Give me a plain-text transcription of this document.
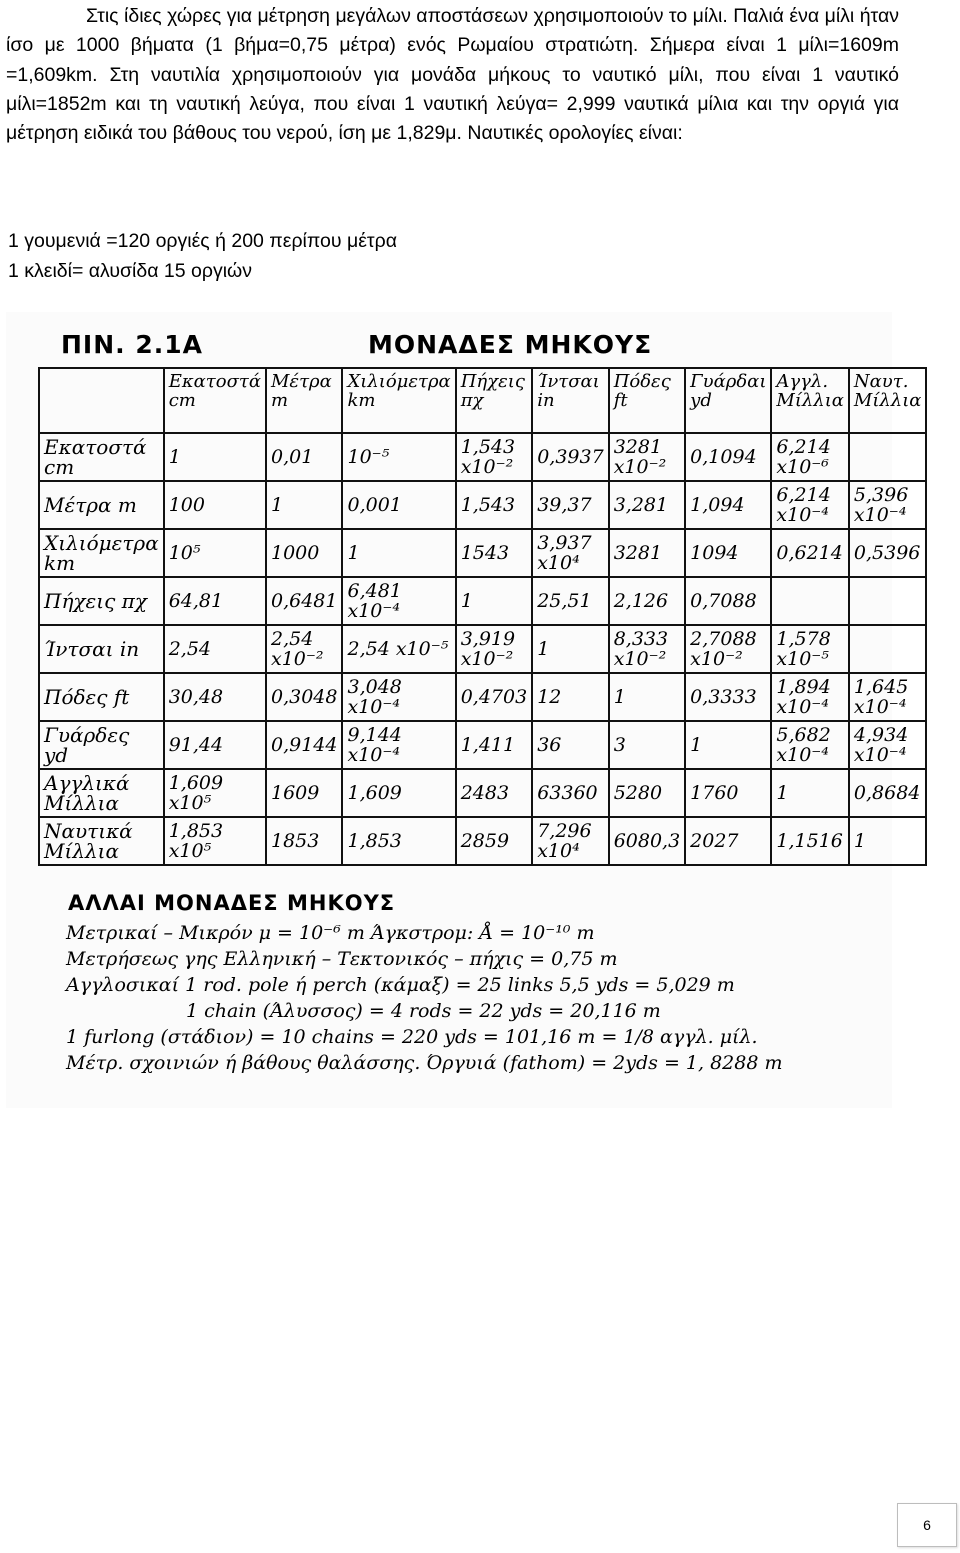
Στις ίδιες χώρες για μέτρηση μεγάλων αποστάσεων χρησιμοποιούν το μίλι. Παλιά ένα μίλι ήταν ίσο με 1000 βήματα (1 βήμα=0,75 μέτρα) ενός Ρωμαίου στρατιώτη. Σήμερα είναι 1 μίλι=1609m =1,609km. Στη ναυτιλία χρησιμοποιούν για μονάδα μήκους το ναυτικό μίλι, που είναι 1 ναυτικό μίλι=1852m και τη ναυτική λεύγα, που είναι 1 ναυτική λεύγα= 2,999 ναυτικά μίλια και την οργιά για μέτρηση ειδικά του βάθους του νερού, ίση με 1,829μ. Ναυτικές ορολογίες είναι:

1 γουμενιά =120 οργιές ή 200 περίπου μέτρα
1 κλειδί= αλυσίδα 15 οργιών
ΠΙΝ. 2.1Α	ΜΟΝΑΔΕΣ ΜΗΚΟΥΣ
	Εκατοστά cm	Μέτρα m	Χιλιόμετρα km	Πήχεις πχ	Ίντσαι in	Πόδες ft	Γυάρδαι yd	Αγγλ. Μίλλια	Ναυτ. Μίλλια
Εκατοστά cm	1	0,01	10⁻⁵	1,543 x10⁻²	0,3937	3281 x10⁻²	0,1094	6,214 x10⁻⁶	
Μέτρα m	100	1	0,001	1,543	39,37	3,281	1,094	6,214 x10⁻⁴	5,396 x10⁻⁴
Χιλιόμετρα km	10⁵	1000	1	1543	3,937 x10⁴	3281	1094	0,6214	0,5396
Πήχεις πχ	64,81	0,6481	6,481 x10⁻⁴	1	25,51	2,126	0,7088		
Ίντσαι in	2,54	2,54 x10⁻²	2,54 x10⁻⁵	3,919 x10⁻²	1	8,333 x10⁻²	2,7088 x10⁻²	1,578 x10⁻⁵	
Πόδες ft	30,48	0,3048	3,048 x10⁻⁴	0,4703	12	1	0,3333	1,894 x10⁻⁴	1,645 x10⁻⁴
Γυάρδες yd	91,44	0,9144	9,144 x10⁻⁴	1,411	36	3	1	5,682 x10⁻⁴	4,934 x10⁻⁴
Αγγλικά Μίλλια	1,609 x10⁵	1609	1,609	2483	63360	5280	1760	1	0,8684
Ναυτικά Μίλλια	1,853 x10⁵	1853	1,853	2859	7,296 x10⁴	6080,3	2027	1,1516	1
ΑΛΛΑΙ ΜΟΝΑΔΕΣ ΜΗΚΟΥΣ
Μετρικαί – Μικρόν μ = 10⁻⁶ m Άγκστρομ: Å = 10⁻¹⁰ m
Μετρήσεως γης Ελληνική – Τεκτονικός – πήχις = 0,75 m
Αγγλοσικαί 1 rod. pole ή perch (κάμαξ) = 25 links 5,5 yds = 5,029 m
1 chain (Άλυσσος) = 4 rods = 22 yds = 20,116 m
1 furlong (στάδιον) = 10 chains = 220 yds = 101,16 m = 1/8 αγγλ. μίλ.
Μέτρ. σχοινιών ή βάθους θαλάσσης. Όργυιά (fathom) = 2yds = 1, 8288 m
6
